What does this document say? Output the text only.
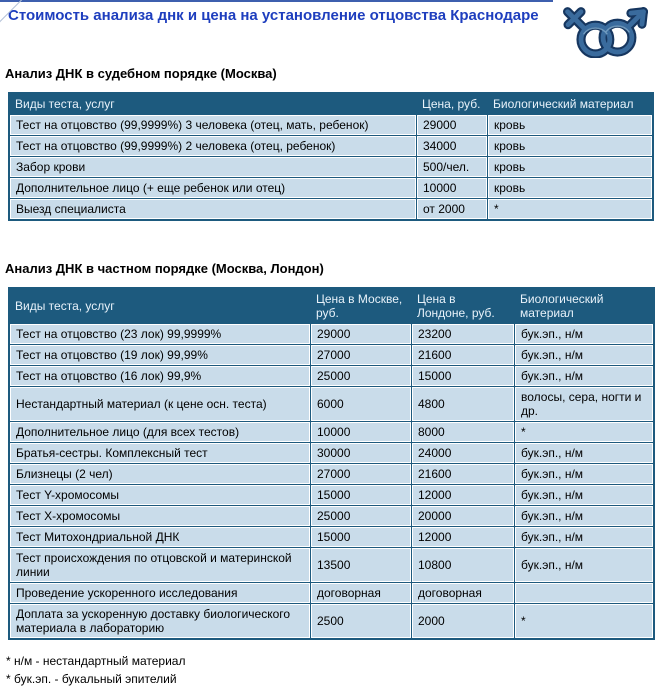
Стоимость анализа днк и цена на установление отцовства Краснодаре
Анализ ДНК в судебном порядке (Москва)
Виды теста, услуг	Цена, руб.	Биологический материал
Тест на отцовство (99,9999%) 3 человека (отец, мать, ребенок)	29000	кровь
Тест на отцовство (99,9999%) 2 человека (отец, ребенок)	34000	кровь
Забор крови	500/чел.	кровь
Дополнительное лицо (+ еще ребенок или отец)	10000	кровь
Выезд специалиста	от 2000	*
Анализ ДНК в частном порядке (Москва, Лондон)
Виды теста, услуг	Цена в Москве, руб.	Цена в Лондоне, руб.	Биологический материал
Тест на отцовство (23 лок) 99,9999%	29000	23200	бук.эп., н/м
Тест на отцовство (19 лок) 99,99%	27000	21600	бук.эп., н/м
Тест на отцовство (16 лок) 99,9%	25000	15000	бук.эп., н/м
Нестандартный материал (к цене осн. теста)	6000	4800	волосы, сера, ногти и др.
Дополнительное лицо (для всех тестов)	10000	8000	*
Братья-сестры. Комплексный тест	30000	24000	бук.эп., н/м
Близнецы (2 чел)	27000	21600	бук.эп., н/м
Тест Y-хромосомы	15000	12000	бук.эп., н/м
Тест Х-хромосомы	25000	20000	бук.эп., н/м
Тест Митохондриальной ДНК	15000	12000	бук.эп., н/м
Тест происхождения по отцовской и материнской линии	13500	10800	бук.эп., н/м
Проведение ускоренного исследования	договорная	договорная	
Доплата за ускоренную доставку биологического материала в лабораторию	2500	2000	*
* н/м - нестандартный материал
* бук.эп. - букальный эпителий
